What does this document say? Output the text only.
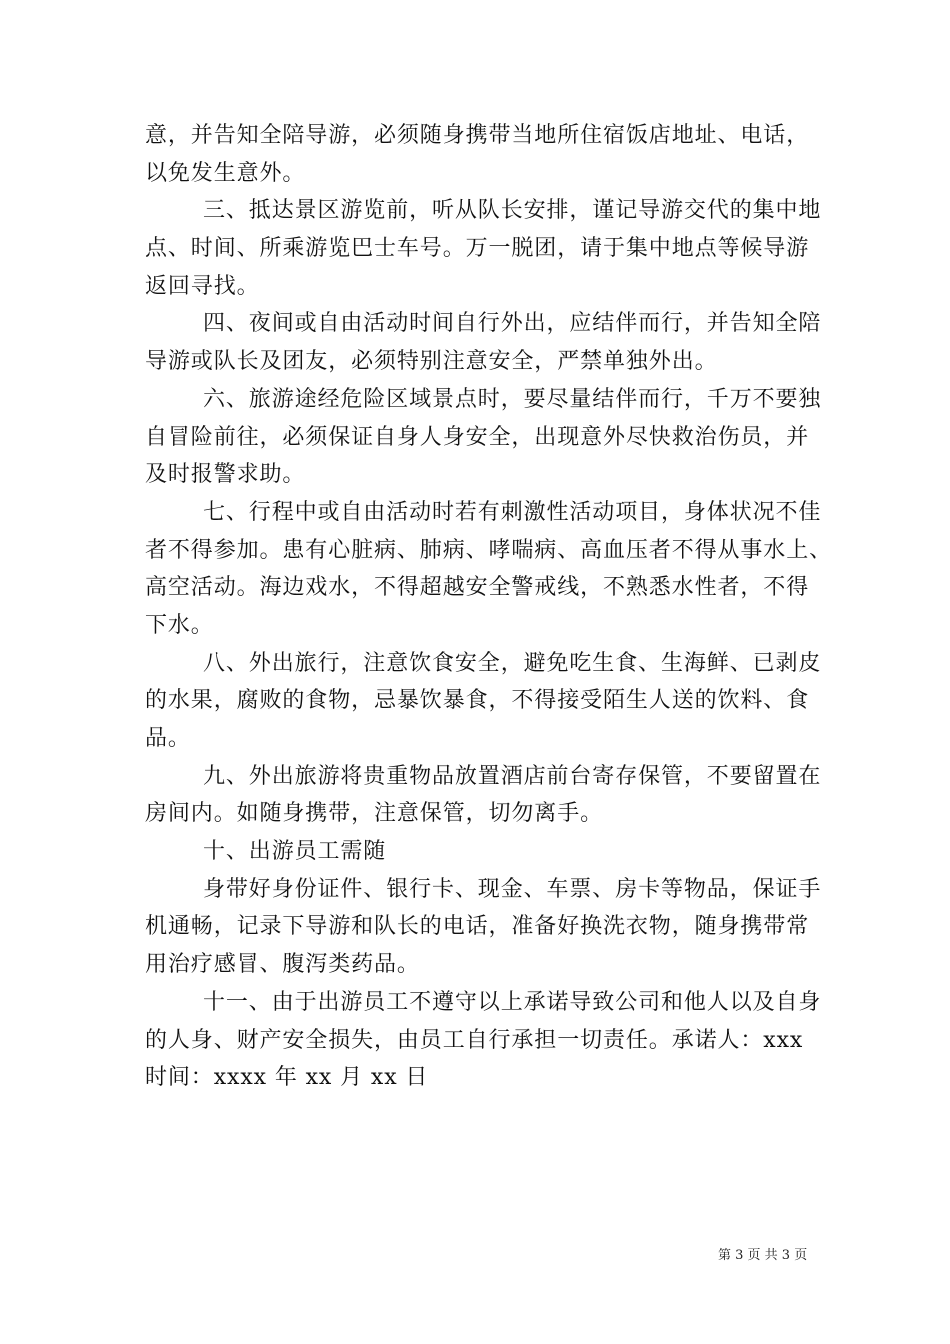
意，并告知全陪导游，必须随身携带当地所住宿饭店地址、电话，
以免发生意外。
三、抵达景区游览前，听从队长安排，谨记导游交代的集中地
点、时间、所乘游览巴士车号。万一脱团，请于集中地点等候导游
返回寻找。
四、夜间或自由活动时间自行外出，应结伴而行，并告知全陪
导游或队长及团友，必须特别注意安全，严禁单独外出。
六、旅游途经危险区域景点时，要尽量结伴而行，千万不要独
自冒险前往，必须保证自身人身安全，出现意外尽快救治伤员，并
及时报警求助。
七、行程中或自由活动时若有刺激性活动项目，身体状况不佳
者不得参加。患有心脏病、肺病、哮喘病、高血压者不得从事水上、
高空活动。海边戏水，不得超越安全警戒线，不熟悉水性者，不得
下水。
八、外出旅行，注意饮食安全，避免吃生食、生海鲜、已剥皮
的水果，腐败的食物，忌暴饮暴食，不得接受陌生人送的饮料、食
品。
九、外出旅游将贵重物品放置酒店前台寄存保管，不要留置在
房间内。如随身携带，注意保管，切勿离手。
十、出游员工需随
身带好身份证件、银行卡、现金、车票、房卡等物品，保证手
机通畅，记录下导游和队长的电话，准备好换洗衣物，随身携带常
用治疗感冒、腹泻类药品。
十一、由于出游员工不遵守以上承诺导致公司和他人以及自身
的人身、财产安全损失，由员工自行承担一切责任。承诺人：xxx
时间：xxxx 年 xx 月 xx 日
第 3 页 共 3 页
